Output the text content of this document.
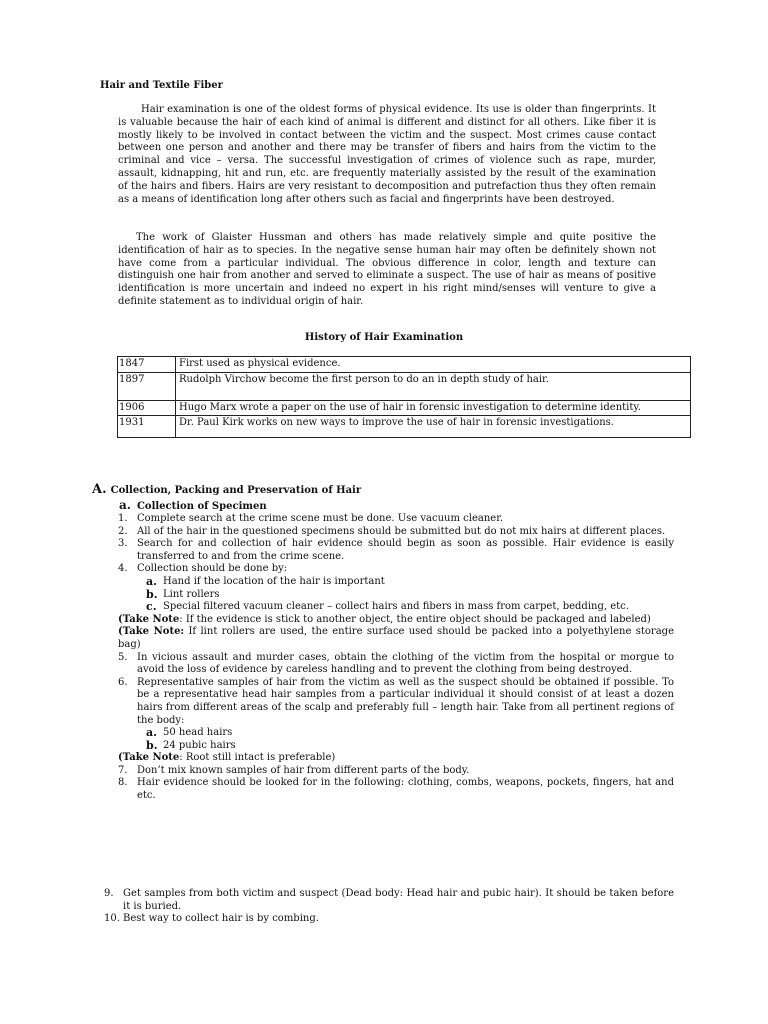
Hair and Textile Fiber

Hair examination is one of the oldest forms of physical evidence. Its use is older than fingerprints. It is valuable because the hair of each kind of animal is different and distinct for all others. Like fiber it is mostly likely to be involved in contact between the victim and the suspect. Most crimes cause contact between one person and another and there may be transfer of fibers and hairs from the victim to the criminal and vice – versa. The successful investigation of crimes of violence such as rape, murder, assault, kidnapping, hit and run, etc. are frequently materially assisted by the result of the examination of the hairs and fibers. Hairs are very resistant to decomposition and putrefaction thus they often remain as a means of identification long after others such as facial and fingerprints have been destroyed.

The work of Glaister Hussman and others has made relatively simple and quite positive the identification of hair as to species. In the negative sense human hair may often be definitely shown not have come from a particular individual. The obvious difference in color, length and texture can distinguish one hair from another and served to eliminate a suspect. The use of hair as means of positive identification is more uncertain and indeed no expert in his right mind/senses will venture to give a definite statement as to individual origin of hair.

History of Hair Examination
1847	First used as physical evidence.
1897	Rudolph Virchow become the first person to do an in depth study of hair.
1906	Hugo Marx wrote a paper on the use of hair in forensic investigation to determine identity.
1931	Dr. Paul Kirk works on new ways to improve the use of hair in forensic investigations.
A. Collection, Packing and Preservation of Hair
a. Collection of Specimen
1. Complete search at the crime scene must be done. Use vacuum cleaner.
2. All of the hair in the questioned specimens should be submitted but do not mix hairs at different places.
3. Search for and collection of hair evidence should begin as soon as possible. Hair evidence is easily transferred to and from the crime scene.
4. Collection should be done by:
a. Hand if the location of the hair is important
b. Lint rollers
c. Special filtered vacuum cleaner – collect hairs and fibers in mass from carpet, bedding, etc.
(Take Note: If the evidence is stick to another object, the entire object should be packaged and labeled)
(Take Note: If lint rollers are used, the entire surface used should be packed into a polyethylene storage bag)
5. In vicious assault and murder cases, obtain the clothing of the victim from the hospital or morgue to avoid the loss of evidence by careless handling and to prevent the clothing from being destroyed.
6. Representative samples of hair from the victim as well as the suspect should be obtained if possible. To be a representative head hair samples from a particular individual it should consist of at least a dozen hairs from different areas of the scalp and preferably full – length hair. Take from all pertinent regions of the body:
a. 50 head hairs
b. 24 pubic hairs
(Take Note: Root still intact is preferable)
7. Don’t mix known samples of hair from different parts of the body.
8. Hair evidence should be looked for in the following: clothing, combs, weapons, pockets, fingers, hat and etc.
9. Get samples from both victim and suspect (Dead body: Head hair and pubic hair). It should be taken before it is buried.
10. Best way to collect hair is by combing.
